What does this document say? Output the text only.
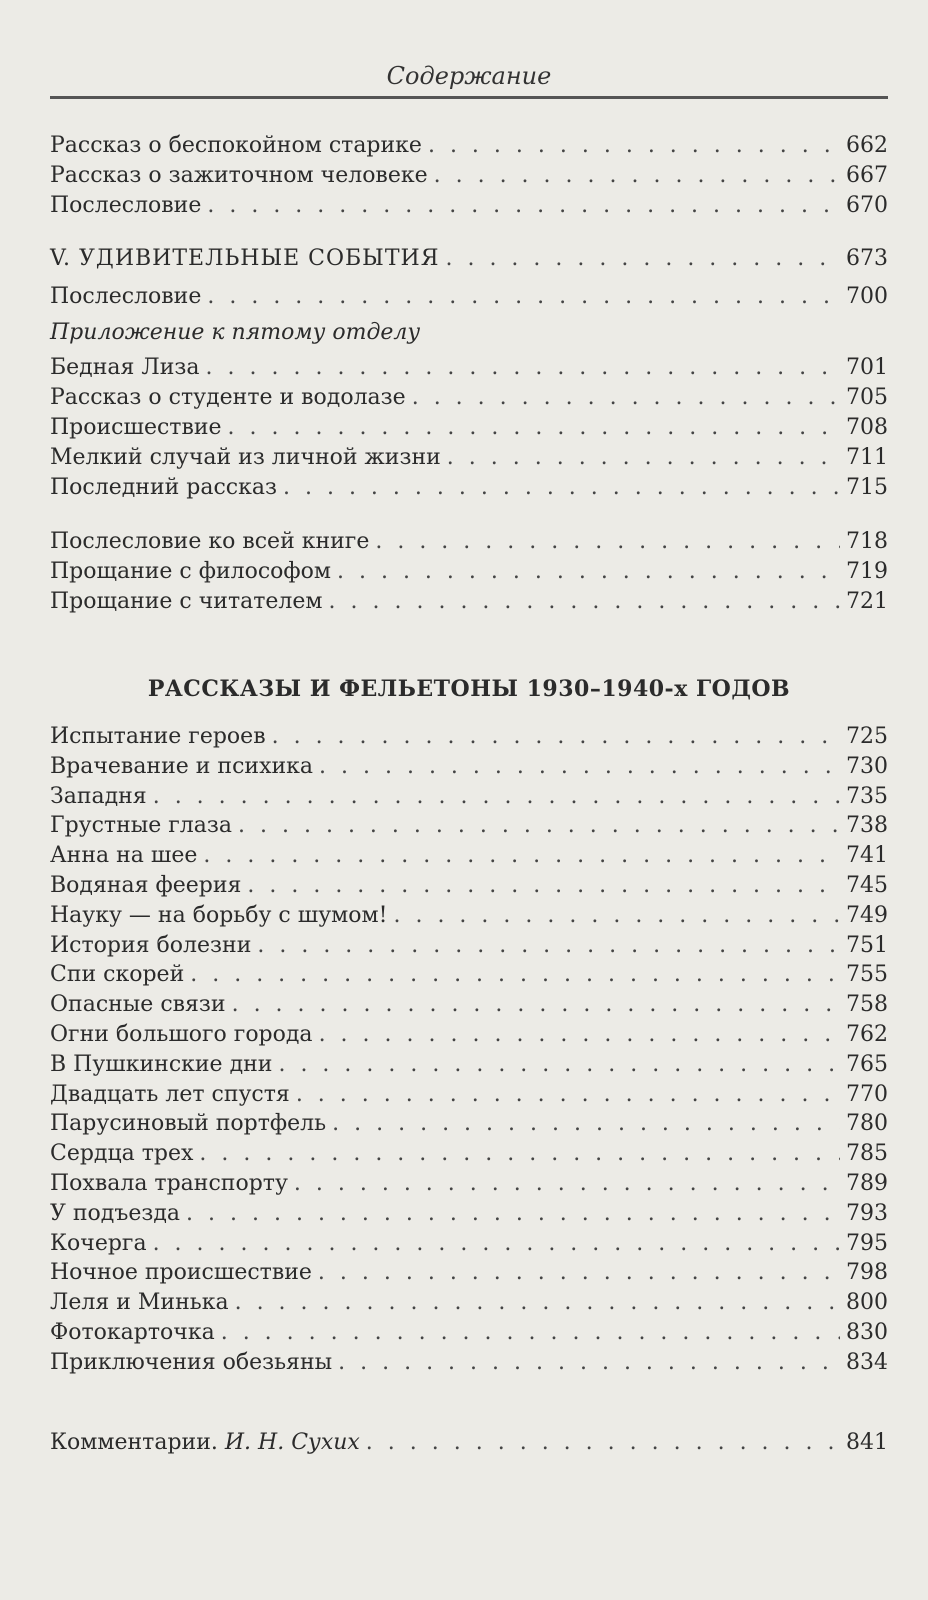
Содержание
Рассказ о беспокойном старике . . .	662
Рассказ о зажиточном человеке . . .	667
Послесловие . . .	670
V. УДИВИТЕЛЬНЫЕ СОБЫТИЯ . . .	673
Послесловие . . .	700
Приложение к пятому отделу
Бедная Лиза . . .	701
Рассказ о студенте и водолазе . . .	705
Происшествие . . .	708
Мелкий случай из личной жизни . . .	711
Последний рассказ . . .	715
Послесловие ко всей книге . . .	718
Прощание с философом . . .	719
Прощание с читателем . . .	721
РАССКАЗЫ И ФЕЛЬЕТОНЫ 1930–1940-х ГОДОВ
Испытание героев . . .	725
Врачевание и психика . . .	730
Западня . . .	735
Грустные глаза . . .	738
Анна на шее . . .	741
Водяная феерия . . .	745
Науку — на борьбу с шумом! . . .	749
История болезни . . .	751
Спи скорей . . .	755
Опасные связи . . .	758
Огни большого города . . .	762
В Пушкинские дни . . .	765
Двадцать лет спустя . . .	770
Парусиновый портфель . . .	780
Сердца трех . . .	785
Похвала транспорту . . .	789
У подъезда . . .	793
Кочерга . . .	795
Ночное происшествие . . .	798
Леля и Минька . . .	800
Фотокарточка . . .	830
Приключения обезьяны . . .	834
Комментарии. И. Н. Сухих . . .	841
